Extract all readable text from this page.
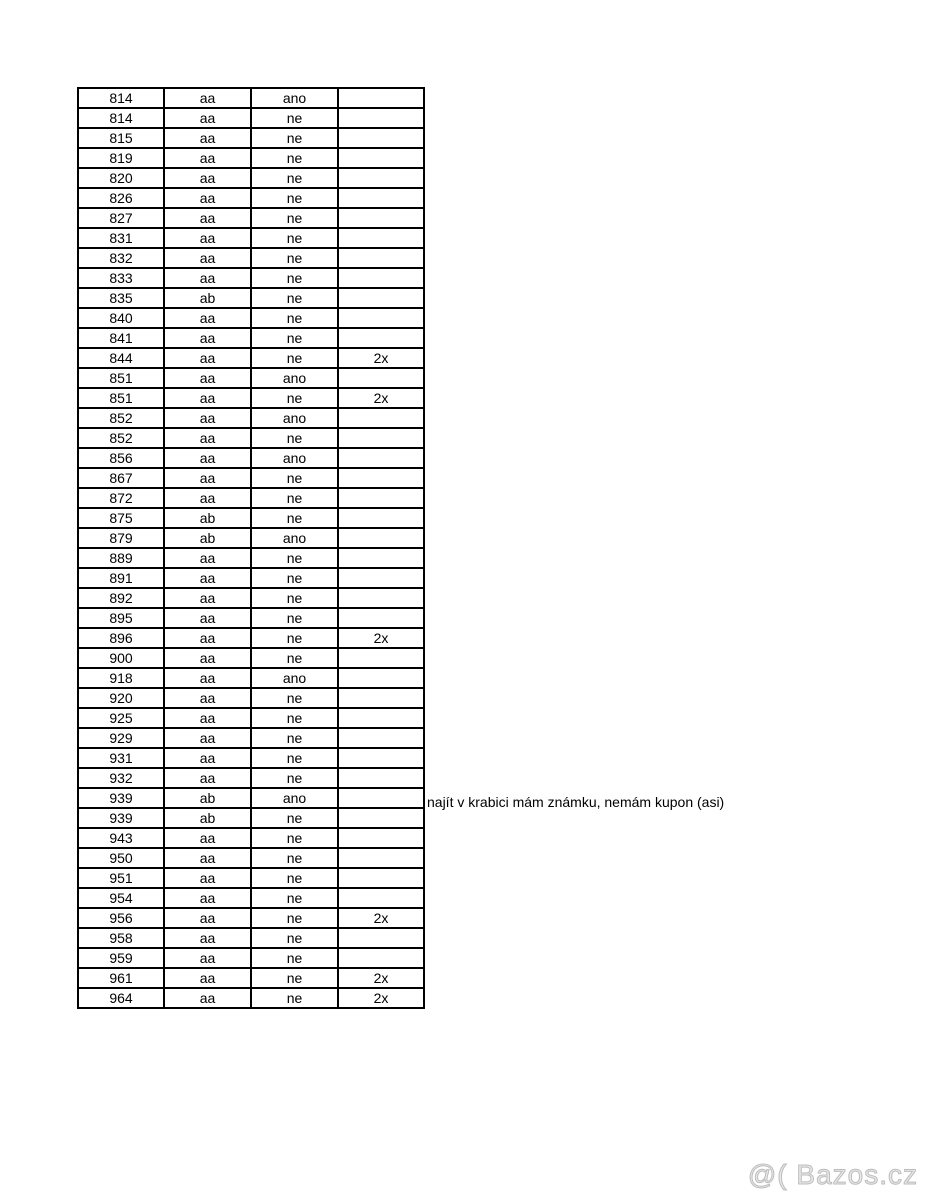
814	aa	ano	
814	aa	ne	
815	aa	ne	
819	aa	ne	
820	aa	ne	
826	aa	ne	
827	aa	ne	
831	aa	ne	
832	aa	ne	
833	aa	ne	
835	ab	ne	
840	aa	ne	
841	aa	ne	
844	aa	ne	2x
851	aa	ano	
851	aa	ne	2x
852	aa	ano	
852	aa	ne	
856	aa	ano	
867	aa	ne	
872	aa	ne	
875	ab	ne	
879	ab	ano	
889	aa	ne	
891	aa	ne	
892	aa	ne	
895	aa	ne	
896	aa	ne	2x
900	aa	ne	
918	aa	ano	
920	aa	ne	
925	aa	ne	
929	aa	ne	
931	aa	ne	
932	aa	ne	
939	ab	ano	
939	ab	ne	
943	aa	ne	
950	aa	ne	
951	aa	ne	
954	aa	ne	
956	aa	ne	2x
958	aa	ne	
959	aa	ne	
961	aa	ne	2x
964	aa	ne	2x
najít v krabici mám známku, nemám kupon (asi)
@( Bazos.cz
